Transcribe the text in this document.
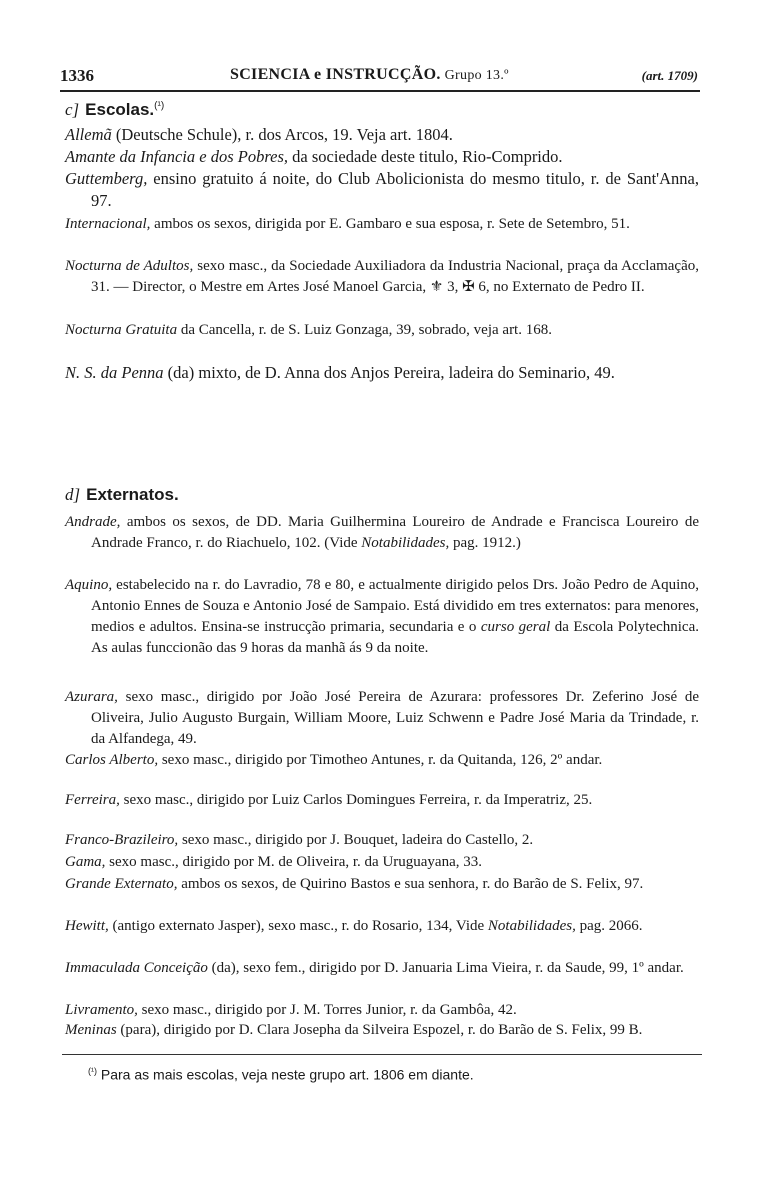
1336	SCIENCIA e INSTRUCÇÃO. Grupo 13.º	(art. 1709)
c] Escolas.$^{(^1)}$
Allemã (Deutsche Schule), r. dos Arcos, 19. Veja art. 1804.
Amante da Infancia e dos Pobres, da sociedade deste titulo, Rio-Comprido.
Guttemberg, ensino gratuito á noite, do Club Abolicionista do mesmo titulo, r. de Sant'Anna, 97.
Internacional, ambos os sexos, dirigida por E. Gambaro e sua esposa, r. Sete de Setembro, 51.
Nocturna de Adultos, sexo masc., da Sociedade Auxiliadora da Industria Nacional, praça da Acclamação, 31. — Director, o Mestre em Artes José Manoel Garcia, ⚜ 3, ✠ 6, no Externato de Pedro II.
Nocturna Gratuita da Cancella, r. de S. Luiz Gonzaga, 39, sobrado, veja art. 168.
N. S. da Penna (da) mixto, de D. Anna dos Anjos Pereira, ladeira do Seminario, 49.
d] Externatos.
Andrade, ambos os sexos, de DD. Maria Guilhermina Loureiro de Andrade e Francisca Loureiro de Andrade Franco, r. do Riachuelo, 102. (Vide Notabilidades, pag. 1912.)
Aquino, estabelecido na r. do Lavradio, 78 e 80, e actualmente dirigido pelos Drs. João Pedro de Aquino, Antonio Ennes de Souza e Antonio José de Sampaio. Está dividido em tres externatos: para menores, medios e adultos. Ensina-se instrucção primaria, secundaria e o curso geral da Escola Polytechnica. As aulas funccionão das 9 horas da manhã ás 9 da noite.
Azurara, sexo masc., dirigido por João José Pereira de Azurara: professores Dr. Zeferino José de Oliveira, Julio Augusto Burgain, William Moore, Luiz Schwenn e Padre José Maria da Trindade, r. da Alfandega, 49.
Carlos Alberto, sexo masc., dirigido por Timotheo Antunes, r. da Quitanda, 126, 2º andar.
Ferreira, sexo masc., dirigido por Luiz Carlos Domingues Ferreira, r. da Imperatriz, 25.
Franco-Brazileiro, sexo masc., dirigido por J. Bouquet, ladeira do Castello, 2.
Gama, sexo masc., dirigido por M. de Oliveira, r. da Uruguayana, 33.
Grande Externato, ambos os sexos, de Quirino Bastos e sua senhora, r. do Barão de S. Felix, 97.
Hewitt, (antigo externato Jasper), sexo masc., r. do Rosario, 134, Vide Notabilidades, pag. 2066.
Immaculada Conceição (da), sexo fem., dirigido por D. Januaria Lima Vieira, r. da Saude, 99, 1º andar.
Livramento, sexo masc., dirigido por J. M. Torres Junior, r. da Gambôa, 42.
Meninas (para), dirigido por D. Clara Josepha da Silveira Espozel, r. do Barão de S. Felix, 99 B.
$^{(^1)}$ Para as mais escolas, veja neste grupo art. 1806 em diante.
